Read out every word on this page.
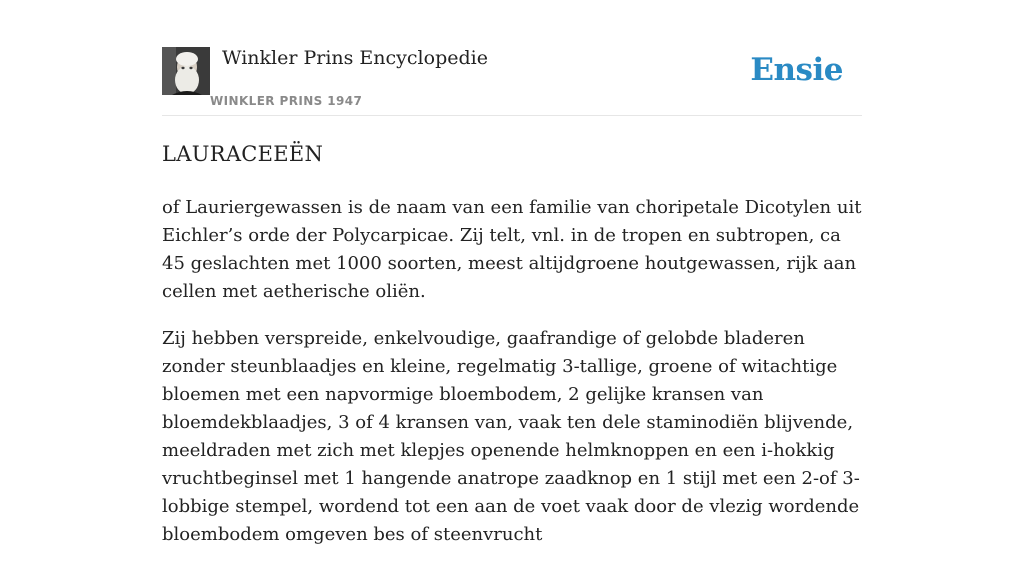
Winkler Prins Encyclopedie
WINKLER PRINS 1947
Ensie
LAURACEEËN

of Lauriergewassen is de naam van een familie van choripetale Dicotylen uit Eichler’s orde der Polycarpicae. Zij telt, vnl. in de tropen en subtropen, ca 45 geslachten met 1000 soorten, meest altijdgroene houtgewassen, rijk aan cellen met aetherische oliën.

Zij hebben verspreide, enkelvoudige, gaafrandige of gelobde bladeren zonder steunblaadjes en kleine, regelmatig 3-tallige, groene of witachtige bloemen met een napvormige bloembodem, 2 gelijke kransen van bloemdekblaadjes, 3 of 4 kransen van, vaak ten dele staminodiën blijvende, meeldraden met zich met klepjes openende helmknoppen en een i-hokkig vruchtbeginsel met 1 hangende anatrope zaadknop en 1 stijl met een 2-of 3-lobbige stempel, wordend tot een aan de voet vaak door de vlezig wordende bloembodem omgeven bes of steenvrucht
